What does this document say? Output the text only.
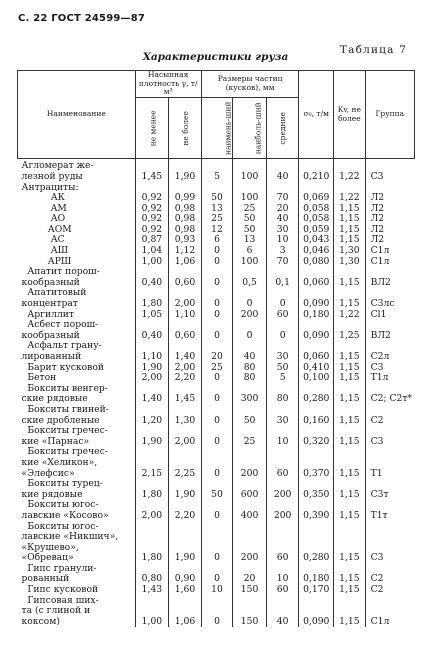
С. 22 ГОСТ 24599—87
Таблица 7
Характеристики груза
Наименование	Насыпная плотность γ, т/м³		Размеры частиц (кусков), мм			σ₀, т/м	Kv, не более	Группа
	не менее	не более	наимень-ший	наиболь-ший	средние			
Агломерат же-
лезной руды	1,45	1,90	5	100	40	0,210	1,22	С3
Антрациты:								
АК	0,92	0,99	50	100	70	0,069	1,22	Л2
AM	0,92	0,98	13	25	20	0,058	1,15	Л2
АО	0,92	0,98	25	50	40	0,058	1,15	Л2
АОМ	0,92	0,98	12	50	30	0,059	1,15	Л2
АС	0,87	0,93	6	13	10	0,043	1,15	Л2
АШ	1,04	1,12	0	6	3	0,046	1,30	С1л
АРШ	1,00	1,06	0	100	70	0,080	1,30	С1л
Апатит порош-
кообразный	0,40	0,60	0	0,5	0,1	0,060	1,15	ВЛ2
Апатитовый
концентрат	1,80	2,00	0	0	0	0,090	1,15	С3лс
Аргиллит	1,05	1,10	0	200	60	0,180	1,22	Cl1
Асбест порош-
кообразный	0,40	0,60	0	0	0	0,090	1,25	ВЛ2
Асфальт грану-
лированный	1,10	1,40	20	40	30	0,060	1,15	С2л
Барит кусковой	1,90	2,00	25	80	50	0,410	1,15	С3
Бетон	2,00	2,20	0	80	5	0,100	1,15	Т1л
Бокситы венгер-
ские рядовые	1,40	1,45	0	300	80	0,280	1,15	С2; С2т*
Бокситы гвиней-
ские дробленые	1,20	1,30	0	50	30	0,160	1,15	С2
Бокситы гречес-
кие «Парнас»	1,90	2,00	0	25	10	0,320	1,15	С3
Бокситы гречес-
кие «Хеликон»,
«Элефсис»	2,15	2,25	0	200	60	0,370	1,15	Т1
Бокситы турец-
кие рядовые	1,80	1,90	50	600	200	0,350	1,15	С3т
Бокситы югос-
лавские «Косово»	2,00	2,20	0	400	200	0,390	1,15	Т1т
Бокситы югос-
лавские «Никшич»,
«Крушево»,
«Обревац»	1,80	1,90	0	200	60	0,280	1,15	С3
Гипс гранули-
рованный	0,80	0,90	0	20	10	0,180	1,15	С2
Гипс кусковой	1,43	1,60	10	150	60	0,170	1,15	С2
Гипсовая ших-
та (с глиной и
коксом)	1,00	1,06	0	150	40	0,090	1,15	С1л
